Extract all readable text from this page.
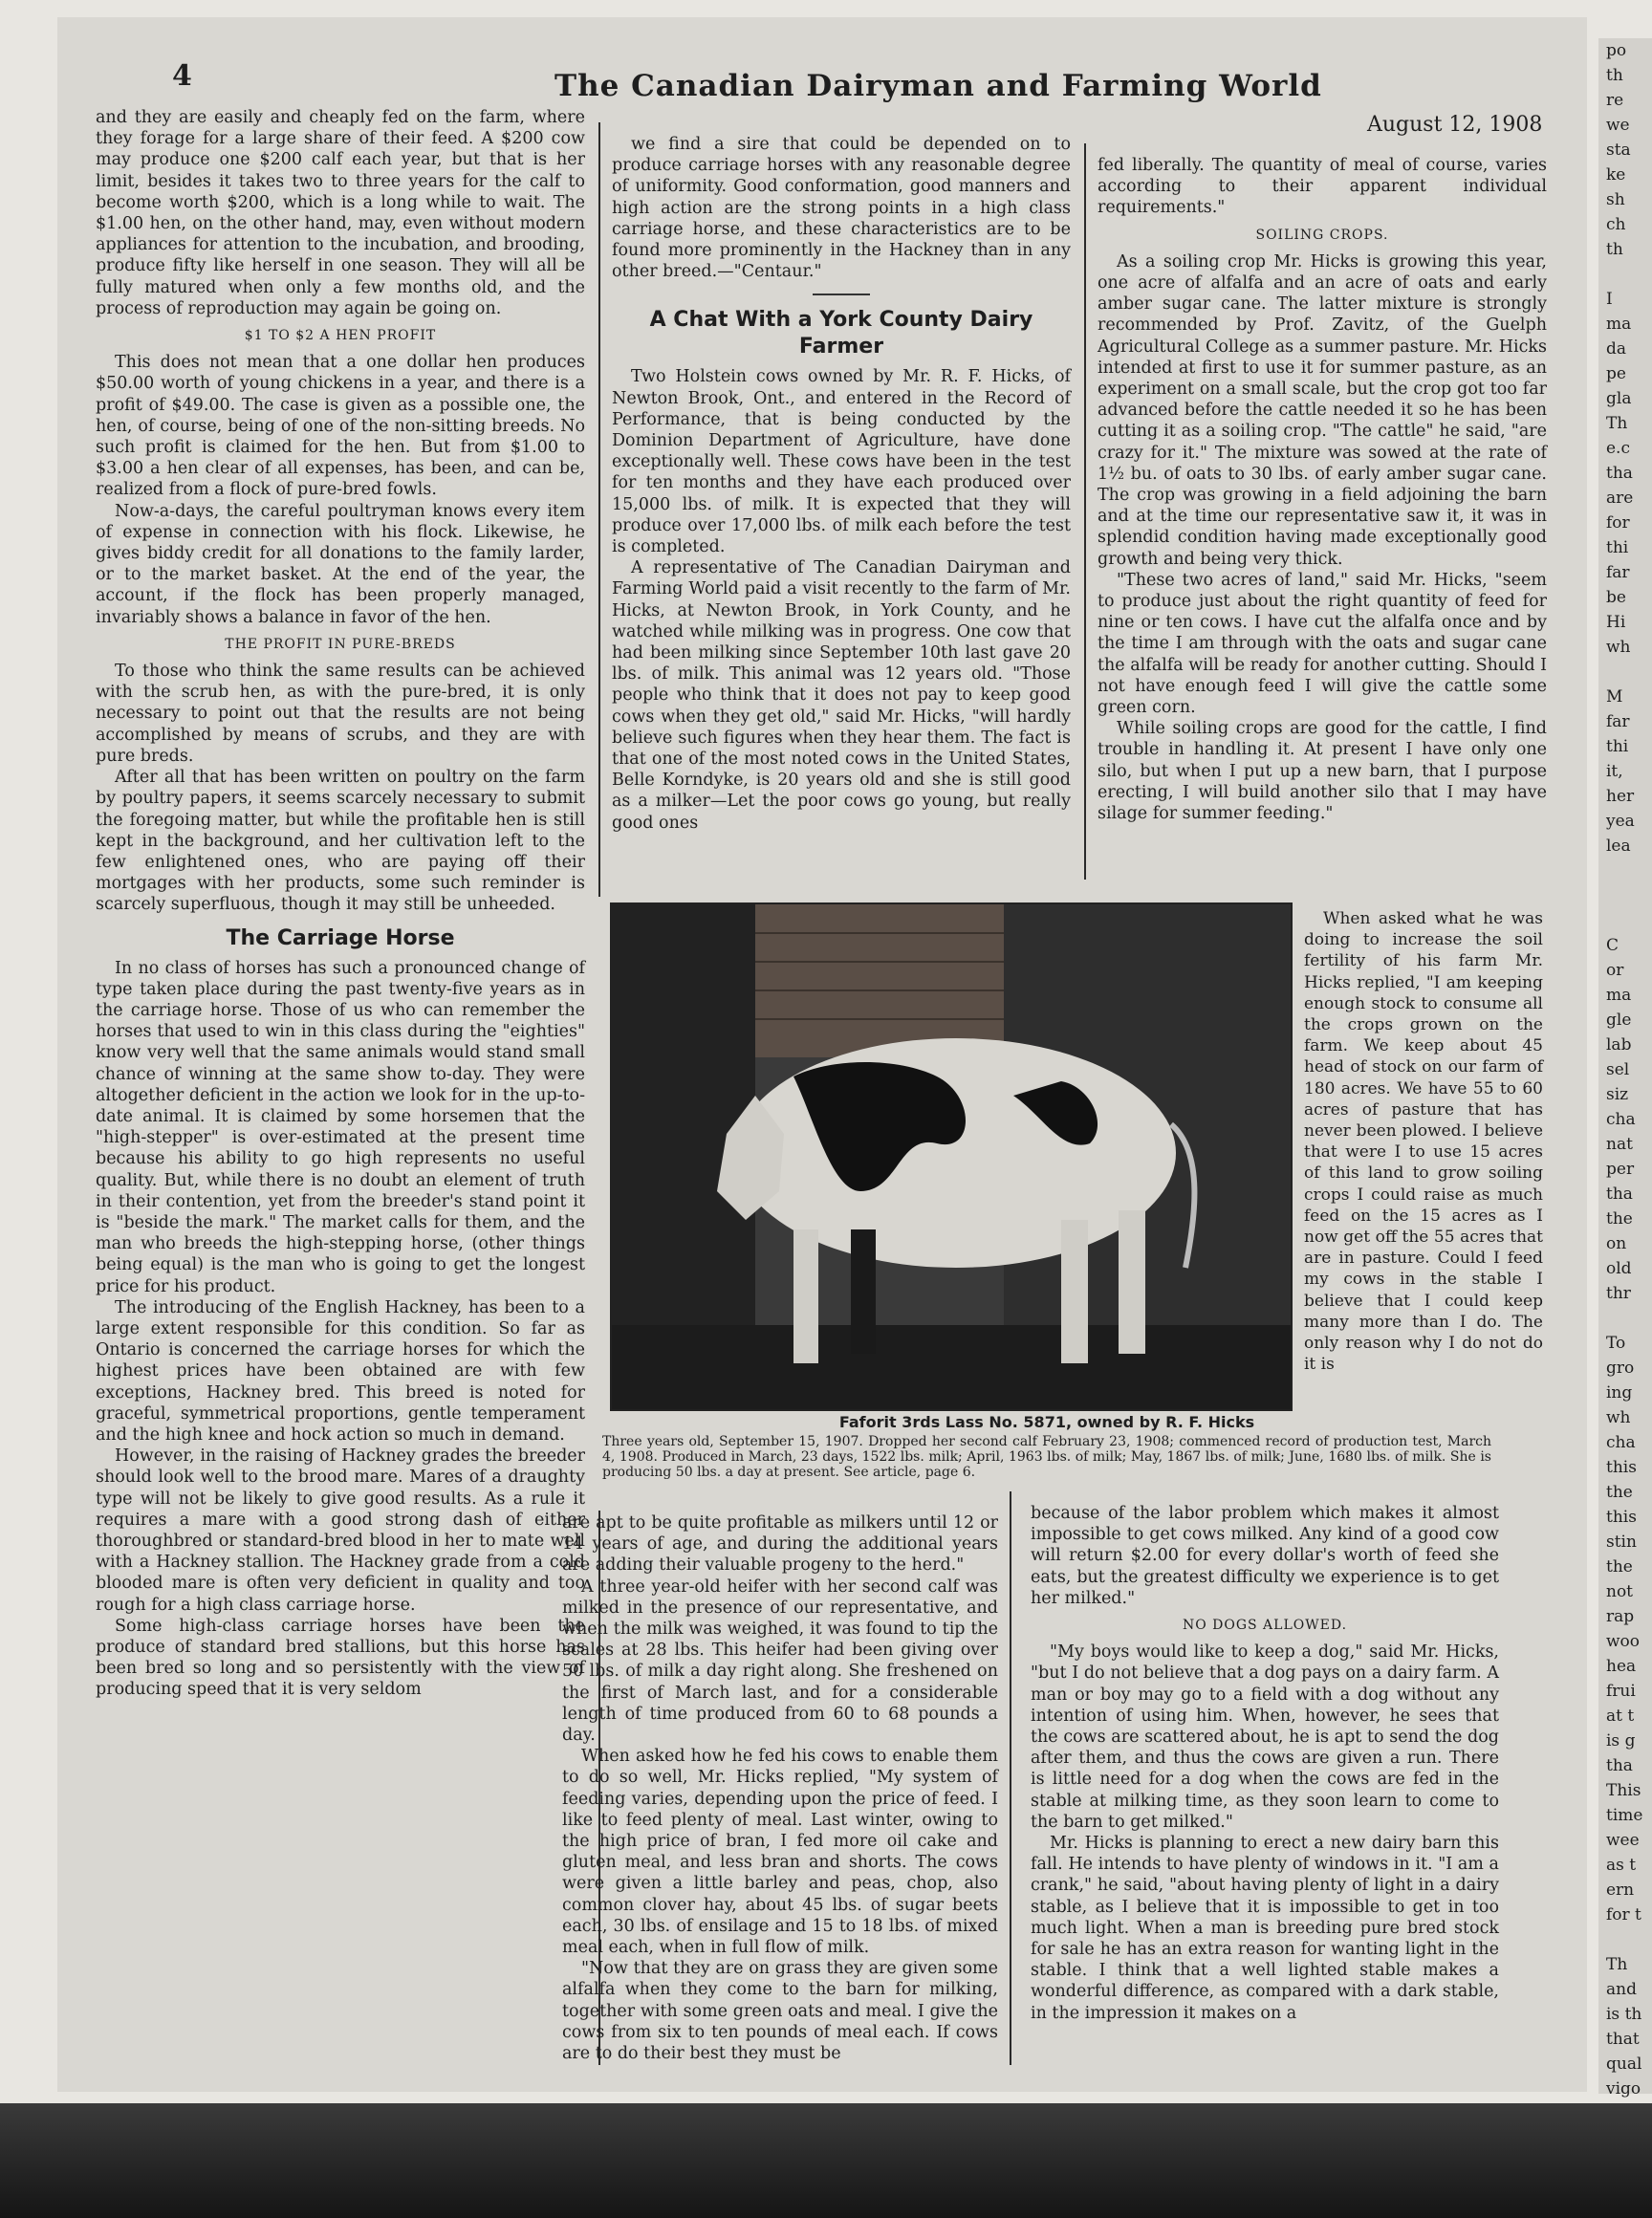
po
th
re
we
sta
ke
sh
ch
th

I
ma
da
pe
gla
Th
e.c
tha
are
for
thi
far
be
Hi
wh

M
far
thi
it,
her
yea
lea

C
or
ma
gle
lab
sel
siz
cha
nat
per
tha
the
on
old
thr

To
gro
ing
wh
cha
this
the
this
stin
the
not
rap
woo
hea
frui
at t
is g
tha
This
time
wee
as t
ern
for t

Th
and
is th
that
qual
vigo
4	The Canadian Dairyman and Farming World
August 12, 1908

and they are easily and cheaply fed on the farm, where they forage for a large share of their feed. A $200 cow may produce one $200 calf each year, but that is her limit, besides it takes two to three years for the calf to become worth $200, which is a long while to wait. The $1.00 hen, on the other hand, may, even without modern appliances for attention to the incubation, and brooding, produce fifty like herself in one season. They will all be fully matured when only a few months old, and the process of reproduction may again be going on.

$1 TO $2 A HEN PROFIT

This does not mean that a one dollar hen produces $50.00 worth of young chickens in a year, and there is a profit of $49.00. The case is given as a possible one, the hen, of course, being of one of the non-sitting breeds. No such profit is claimed for the hen. But from $1.00 to $3.00 a hen clear of all expenses, has been, and can be, realized from a flock of pure-bred fowls.

Now-a-days, the careful poultryman knows every item of expense in connection with his flock. Likewise, he gives biddy credit for all donations to the family larder, or to the market basket. At the end of the year, the account, if the flock has been properly managed, invariably shows a balance in favor of the hen.

THE PROFIT IN PURE-BREDS

To those who think the same results can be achieved with the scrub hen, as with the pure-bred, it is only necessary to point out that the results are not being accomplished by means of scrubs, and they are with pure breds.

After all that has been written on poultry on the farm by poultry papers, it seems scarcely necessary to submit the foregoing matter, but while the profitable hen is still kept in the background, and her cultivation left to the few enlightened ones, who are paying off their mortgages with her products, some such reminder is scarcely superfluous, though it may still be unheeded.

The Carriage Horse

In no class of horses has such a pronounced change of type taken place during the past twenty-five years as in the carriage horse. Those of us who can remember the horses that used to win in this class during the "eighties" know very well that the same animals would stand small chance of winning at the same show to-day. They were altogether deficient in the action we look for in the up-to-date animal. It is claimed by some horsemen that the "high-stepper" is over-estimated at the present time because his ability to go high represents no useful quality. But, while there is no doubt an element of truth in their contention, yet from the breeder's stand point it is "beside the mark." The market calls for them, and the man who breeds the high-stepping horse, (other things being equal) is the man who is going to get the longest price for his product.

The introducing of the English Hackney, has been to a large extent responsible for this condition. So far as Ontario is concerned the carriage horses for which the highest prices have been obtained are with few exceptions, Hackney bred. This breed is noted for graceful, symmetrical proportions, gentle temperament and the high knee and hock action so much in demand.

However, in the raising of Hackney grades the breeder should look well to the brood mare. Mares of a draughty type will not be likely to give good results. As a rule it requires a mare with a good strong dash of either thoroughbred or standard-bred blood in her to mate well with a Hackney stallion. The Hackney grade from a cold blooded mare is often very deficient in quality and too rough for a high class carriage horse.

Some high-class carriage horses have been the produce of standard bred stallions, but this horse has been bred so long and so persistently with the view of producing speed that it is very seldom

we find a sire that could be depended on to produce carriage horses with any reasonable degree of uniformity. Good conformation, good manners and high action are the strong points in a high class carriage horse, and these characteristics are to be found more prominently in the Hackney than in any other breed.—"Centaur."

A Chat With a York County Dairy Farmer

Two Holstein cows owned by Mr. R. F. Hicks, of Newton Brook, Ont., and entered in the Record of Performance, that is being conducted by the Dominion Department of Agriculture, have done exceptionally well. These cows have been in the test for ten months and they have each produced over 15,000 lbs. of milk. It is expected that they will produce over 17,000 lbs. of milk each before the test is completed.

A representative of The Canadian Dairyman and Farming World paid a visit recently to the farm of Mr. Hicks, at Newton Brook, in York County, and he watched while milking was in progress. One cow that had been milking since September 10th last gave 20 lbs. of milk. This animal was 12 years old. "Those people who think that it does not pay to keep good cows when they get old," said Mr. Hicks, "will hardly believe such figures when they hear them. The fact is that one of the most noted cows in the United States, Belle Korndyke, is 20 years old and she is still good as a milker—Let the poor cows go young, but really good ones

fed liberally. The quantity of meal of course, varies according to their apparent individual requirements."

SOILING CROPS.

As a soiling crop Mr. Hicks is growing this year, one acre of alfalfa and an acre of oats and early amber sugar cane. The latter mixture is strongly recommended by Prof. Zavitz, of the Guelph Agricultural College as a summer pasture. Mr. Hicks intended at first to use it for summer pasture, as an experiment on a small scale, but the crop got too far advanced before the cattle needed it so he has been cutting it as a soiling crop. "The cattle" he said, "are crazy for it." The mixture was sowed at the rate of 1½ bu. of oats to 30 lbs. of early amber sugar cane. The crop was growing in a field adjoining the barn and at the time our representative saw it, it was in splendid condition having made exceptionally good growth and being very thick.

"These two acres of land," said Mr. Hicks, "seem to produce just about the right quantity of feed for nine or ten cows. I have cut the alfalfa once and by the time I am through with the oats and sugar cane the alfalfa will be ready for another cutting. Should I not have enough feed I will give the cattle some green corn.

While soiling crops are good for the cattle, I find trouble in handling it. At present I have only one silo, but when I put up a new barn, that I purpose erecting, I will build another silo that I may have silage for summer feeding."

When asked what he was doing to increase the soil fertility of his farm Mr. Hicks replied, "I am keeping enough stock to consume all the crops grown on the farm. We keep about 45 head of stock on our farm of 180 acres. We have 55 to 60 acres of pasture that has never been plowed. I believe that were I to use 15 acres of this land to grow soiling crops I could raise as much feed on the 15 acres as I now get off the 55 acres that are in pasture. Could I feed my cows in the stable I believe that I could keep many more than I do. The only reason why I do not do it is

Faforit 3rds Lass No. 5871, owned by R. F. Hicks
Three years old, September 15, 1907. Dropped her second calf February 23, 1908; commenced record of production test, March 4, 1908. Produced in March, 23 days, 1522 lbs. milk; April, 1963 lbs. of milk; May, 1867 lbs. of milk; June, 1680 lbs. of milk. She is producing 50 lbs. a day at present. See article, page 6.

are apt to be quite profitable as milkers until 12 or 14 years of age, and during the additional years are adding their valuable progeny to the herd."

A three year-old heifer with her second calf was milked in the presence of our representative, and when the milk was weighed, it was found to tip the scales at 28 lbs. This heifer had been giving over 50 lbs. of milk a day right along. She freshened on the first of March last, and for a considerable length of time produced from 60 to 68 pounds a day.

When asked how he fed his cows to enable them to do so well, Mr. Hicks replied, "My system of feeding varies, depending upon the price of feed. I like to feed plenty of meal. Last winter, owing to the high price of bran, I fed more oil cake and gluten meal, and less bran and shorts. The cows were given a little barley and peas, chop, also common clover hay, about 45 lbs. of sugar beets each, 30 lbs. of ensilage and 15 to 18 lbs. of mixed meal each, when in full flow of milk.

"Now that they are on grass they are given some alfalfa when they come to the barn for milking, together with some green oats and meal. I give the cows from six to ten pounds of meal each. If cows are to do their best they must be

because of the labor problem which makes it almost impossible to get cows milked. Any kind of a good cow will return $2.00 for every dollar's worth of feed she eats, but the greatest difficulty we experience is to get her milked."

NO DOGS ALLOWED.

"My boys would like to keep a dog," said Mr. Hicks, "but I do not believe that a dog pays on a dairy farm. A man or boy may go to a field with a dog without any intention of using him. When, however, he sees that the cows are scattered about, he is apt to send the dog after them, and thus the cows are given a run. There is little need for a dog when the cows are fed in the stable at milking time, as they soon learn to come to the barn to get milked."

Mr. Hicks is planning to erect a new dairy barn this fall. He intends to have plenty of windows in it. "I am a crank," he said, "about having plenty of light in a dairy stable, as I believe that it is impossible to get in too much light. When a man is breeding pure bred stock for sale he has an extra reason for wanting light in the stable. I think that a well lighted stable makes a wonderful difference, as compared with a dark stable, in the impression it makes on a
